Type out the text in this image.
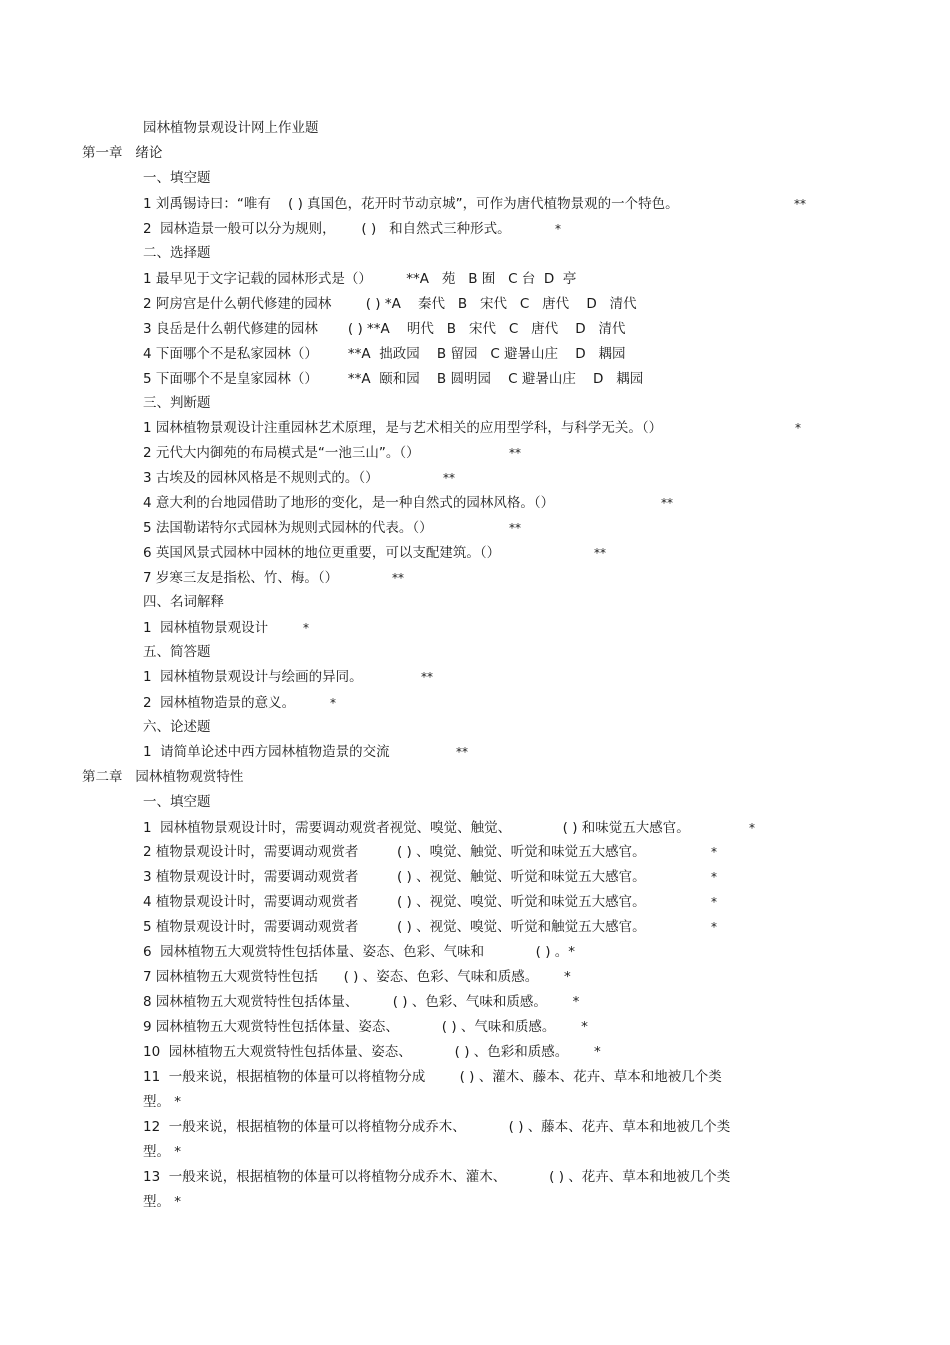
园林植物景观设计网上作业题

第一章   绪论

一、填空题

1 刘禹锡诗曰：“唯有    ( ) 真国色，花开时节动京城”，可作为唐代植物景观的一个特色。	**

2  园林造景一般可以分为规则，      ( )   和自然式三种形式。	*

二、选择题

1 最早见于文字记载的园林形式是（）        **A   苑   B 囿   C 台  D  亭

2 阿房宫是什么朝代修建的园林        ( ) *A    秦代   B   宋代   C   唐代    D   清代

3 良岳是什么朝代修建的园林       ( ) **A    明代   B   宋代   C   唐代    D   清代

4 下面哪个不是私家园林（）       **A  拙政园    B 留园   C 避暑山庄    D   耦园

5 下面哪个不是皇家园林（）       **A  颐和园    B 圆明园    C 避暑山庄    D   耦园

三、判断题

1 园林植物景观设计注重园林艺术原理，是与艺术相关的应用型学科，与科学无关。（）	*

2 元代大内御苑的布局模式是“一池三山”。（）	**

3 古埃及的园林风格是不规则式的。（）	**

4 意大利的台地园借助了地形的变化，是一种自然式的园林风格。（）	**

5 法国勒诺特尔式园林为规则式园林的代表。（）	**

6 英国风景式园林中园林的地位更重要，可以支配建筑。（）	**

7 岁寒三友是指松、竹、梅。（）	**

四、名词解释

1  园林植物景观设计	*

五、简答题

1  园林植物景观设计与绘画的异同。	**

2  园林植物造景的意义。	*

六、论述题

1  请简单论述中西方园林植物造景的交流	**

第二章   园林植物观赏特性

一、填空题

1  园林植物景观设计时，需要调动观赏者视觉、嗅觉、触觉、            ( ) 和味觉五大感官。	*

2 植物景观设计时，需要调动观赏者         ( ) 、嗅觉、触觉、听觉和味觉五大感官。	*

3 植物景观设计时，需要调动观赏者         ( ) 、视觉、触觉、听觉和味觉五大感官。	*

4 植物景观设计时，需要调动观赏者         ( ) 、视觉、嗅觉、听觉和味觉五大感官。	*

5 植物景观设计时，需要调动观赏者         ( ) 、视觉、嗅觉、听觉和触觉五大感官。	*

6  园林植物五大观赏特性包括体量、姿态、色彩、气味和            ( ) 。*

7 园林植物五大观赏特性包括      ( ) 、姿态、色彩、气味和质感。      *

8 园林植物五大观赏特性包括体量、        ( ) 、色彩、气味和质感。      *

9 园林植物五大观赏特性包括体量、姿态、          ( ) 、气味和质感。      *

10  园林植物五大观赏特性包括体量、姿态、          ( ) 、色彩和质感。      *

11  一般来说，根据植物的体量可以将植物分成        ( ) 、灌木、藤本、花卉、草本和地被几个类

型。 *

12  一般来说，根据植物的体量可以将植物分成乔木、          ( ) 、藤本、花卉、草本和地被几个类

型。 *

13  一般来说，根据植物的体量可以将植物分成乔木、灌木、          ( ) 、花卉、草本和地被几个类

型。 *
